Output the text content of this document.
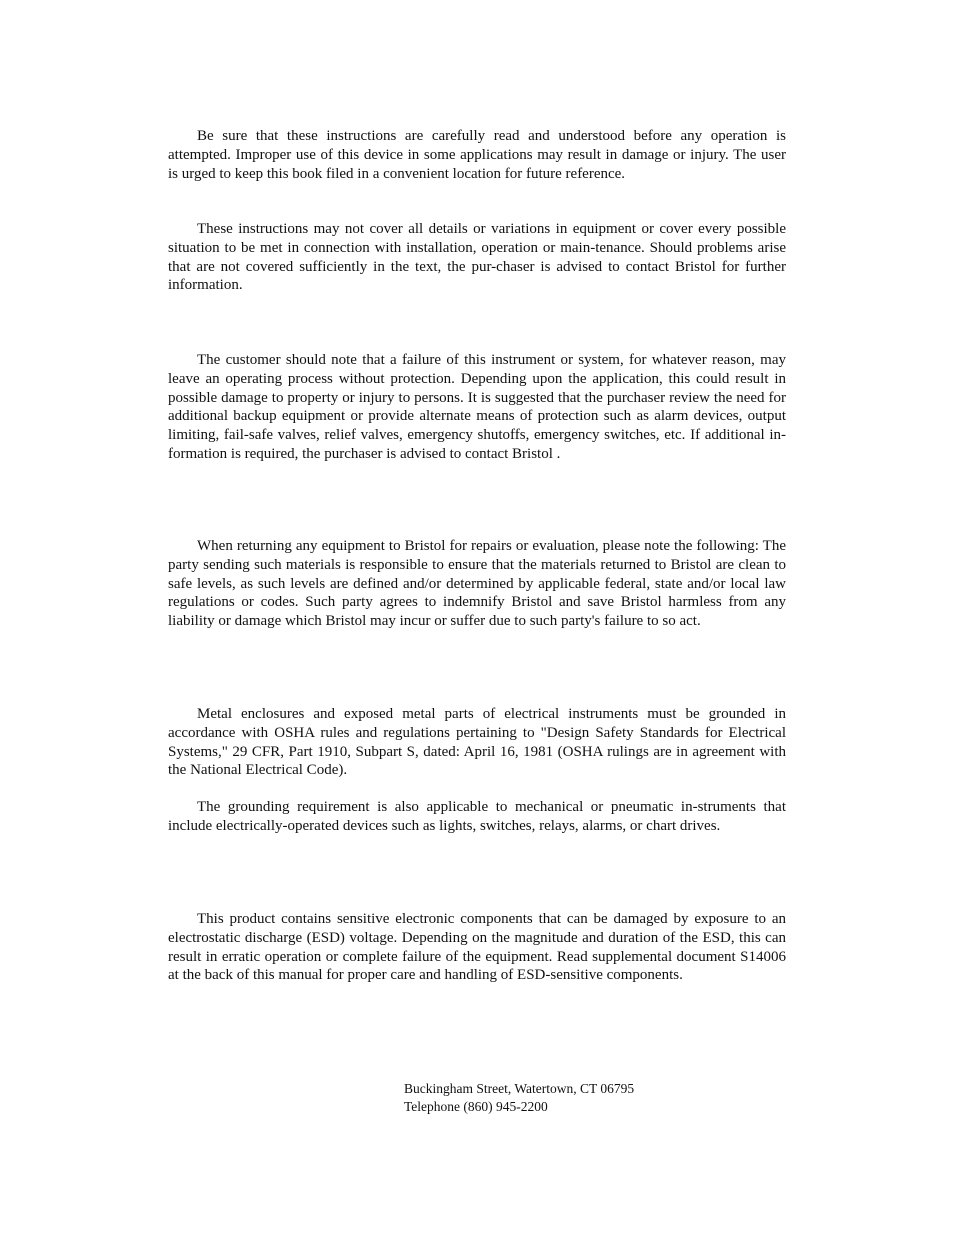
Be sure that these instructions are carefully read and understood before any operation is attempted. Improper use of this device in some applications may result in damage or injury. The user is urged to keep this book filed in a convenient location for future reference.

These instructions may not cover all details or variations in equipment or cover every possible situation to be met in connection with installation, operation or main-tenance. Should problems arise that are not covered sufficiently in the text, the pur-chaser is advised to contact Bristol for further information.

The customer should note that a failure of this instrument or system, for whatever reason, may leave an operating process without protection. Depending upon the application, this could result in possible damage to property or injury to persons. It is suggested that the purchaser review the need for additional backup equipment or provide alternate means of protection such as alarm devices, output limiting, fail-safe valves, relief valves, emergency shutoffs, emergency switches, etc. If additional in-formation is required, the purchaser is advised to contact Bristol .

When returning any equipment to Bristol for repairs or evaluation, please note the following: The party sending such materials is responsible to ensure that the materials returned to Bristol are clean to safe levels, as such levels are defined and/or determined by applicable federal, state and/or local law regulations or codes. Such party agrees to indemnify Bristol and save Bristol harmless from any liability or damage which Bristol may incur or suffer due to such party's failure to so act.

Metal enclosures and exposed metal parts of electrical instruments must be grounded in accordance with OSHA rules and regulations pertaining to "Design Safety Standards for Electrical Systems," 29 CFR, Part 1910, Subpart S, dated: April 16, 1981 (OSHA rulings are in agreement with the National Electrical Code).

The grounding requirement is also applicable to mechanical or pneumatic in-struments that include electrically-operated devices such as lights, switches, relays, alarms, or chart drives.

This product contains sensitive electronic components that can be damaged by exposure to an electrostatic discharge (ESD) voltage. Depending on the magnitude and duration of the ESD, this can result in erratic operation or complete failure of the equipment. Read supplemental document S14006 at the back of this manual for proper care and handling of ESD-sensitive components.

Buckingham Street, Watertown, CT 06795
Telephone (860) 945-2200
